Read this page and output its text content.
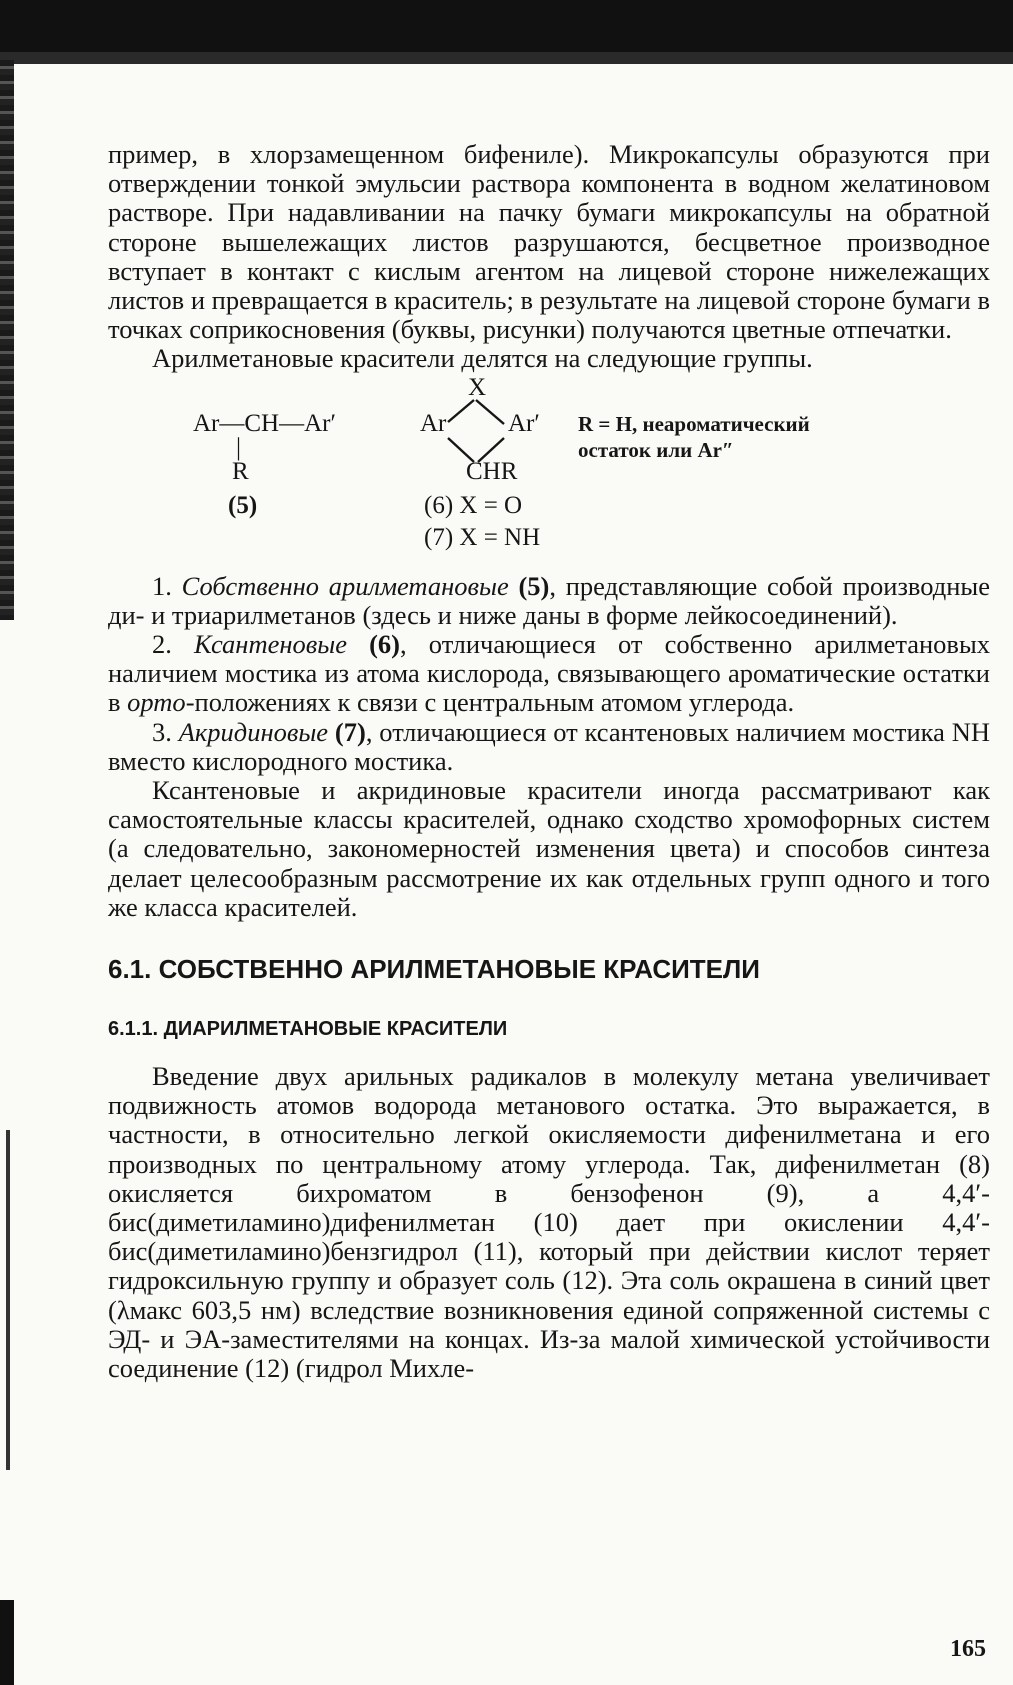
пример, в хлорзамещенном бифениле). Микрокапсулы образуются при отверждении тонкой эмульсии раствора компонента в водном желатиновом растворе. При надавливании на пачку бумаги микрокапсулы на обратной стороне вышележащих листов разрушаются, бесцветное производное вступает в контакт с кислым агентом на лицевой стороне нижележащих листов и превращается в краситель; в результате на лицевой стороне бумаги в точках соприкосновения (буквы, рисунки) получаются цветные отпечатки.

Арилметановые красители делятся на следующие группы.

Ar—CH—Ar′
|
R
(5)
X
Ar Ar′
CHR
(6) X = O
(7) X = NH
R = H, неароматический
остаток или Ar″

1. Собственно арилметановые (5), представляющие собой производные ди- и триарилметанов (здесь и ниже даны в форме лейкосоединений).

2. Ксантеновые (6), отличающиеся от собственно арилметановых наличием мостика из атома кислорода, связывающего ароматические остатки в орто-положениях к связи с центральным атомом углерода.

3. Акридиновые (7), отличающиеся от ксантеновых наличием мостика NH вместо кислородного мостика.

Ксантеновые и акридиновые красители иногда рассматривают как самостоятельные классы красителей, однако сходство хромофорных систем (а следовательно, закономерностей изменения цвета) и способов синтеза делает целесообразным рассмотрение их как отдельных групп одного и того же класса красителей.

6.1. СОБСТВЕННО АРИЛМЕТАНОВЫЕ КРАСИТЕЛИ
6.1.1. ДИАРИЛМЕТАНОВЫЕ КРАСИТЕЛИ

Введение двух арильных радикалов в молекулу метана увеличивает подвижность атомов водорода метанового остатка. Это выражается, в частности, в относительно легкой окисляемости дифенилметана и его производных по центральному атому углерода. Так, дифенилметан (8) окисляется бихроматом в бензофенон (9), а 4,4′-бис(диметиламино)дифенилметан (10) дает при окислении 4,4′-бис(диметиламино)бензгидрол (11), который при действии кислот теряет гидроксильную группу и образует соль (12). Эта соль окрашена в синий цвет (λмакс 603,5 нм) вследствие возникновения единой сопряженной системы с ЭД- и ЭА-заместителями на концах. Из-за малой химической устойчивости соединение (12) (гидрол Михле-

165
